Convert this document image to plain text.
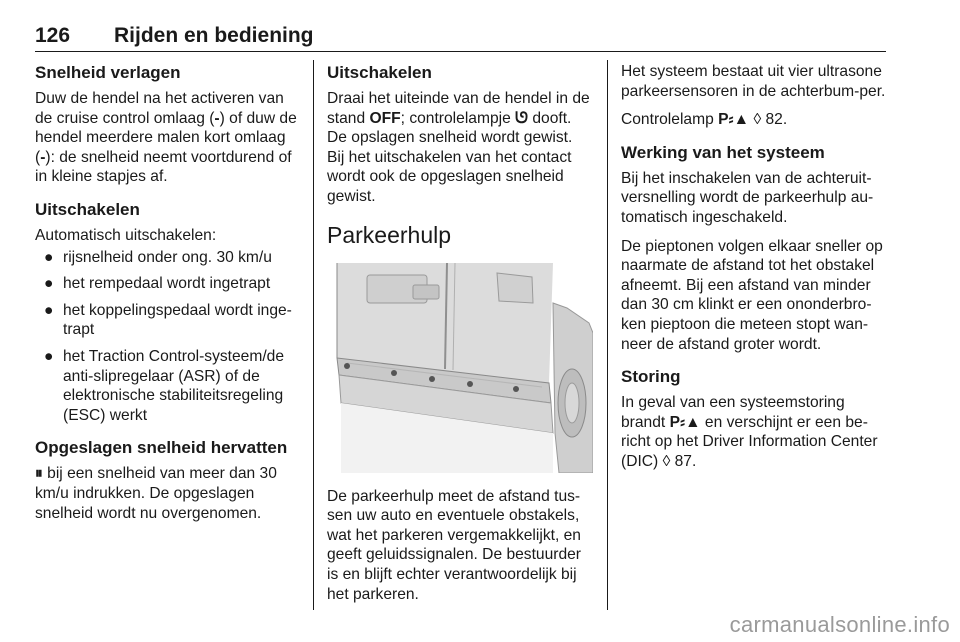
126 Rijden en bediening
Snelheid verlagen

Duw de hendel na het activeren van de cruise control omlaag (-) of duw de hendel meerdere malen kort omlaag (-): de snelheid neemt voortdurend of in kleine stapjes af.

Uitschakelen

Automatisch uitschakelen:

● rijsnelheid onder ong. 30 km/u
● het rempedaal wordt ingetrapt
● het koppelingspedaal wordt inge-trapt
● het Traction Control-systeem/de anti-slipregelaar (ASR) of de elektronische stabiliteitsregeling (ESC) werkt
Opgeslagen snelheid hervatten

⏸ bij een snelheid van meer dan 30 km/u indrukken. De opgeslagen snelheid wordt nu overgenomen.

Uitschakelen

Draai het uiteinde van de hendel in de stand OFF; controlelampje ᘎ dooft.

De opslagen snelheid wordt gewist. Bij het uitschakelen van het contact wordt ook de opgeslagen snelheid gewist.

Parkeerhulp

De parkeerhulp meet de afstand tus-sen uw auto en eventuele obstakels, wat het parkeren vergemakkelijkt, en geeft geluidssignalen. De bestuurder is en blijft echter verantwoordelijk bij het parkeren.

Het systeem bestaat uit vier ultrasone parkeersensoren in de achterbum-per.

Controlelamp P⸗▲ ◊ 82.

Werking van het systeem

Bij het inschakelen van de achteruit-versnelling wordt de parkeerhulp au-tomatisch ingeschakeld.

De pieptonen volgen elkaar sneller op naarmate de afstand tot het obstakel afneemt. Bij een afstand van minder dan 30 cm klinkt er een ononderbro-ken pieptoon die meteen stopt wan-neer de afstand groter wordt.

Storing

In geval van een systeemstoring brandt P⸗▲ en verschijnt er een be-richt op het Driver Information Center (DIC) ◊ 87.

carmanualsonline.info
